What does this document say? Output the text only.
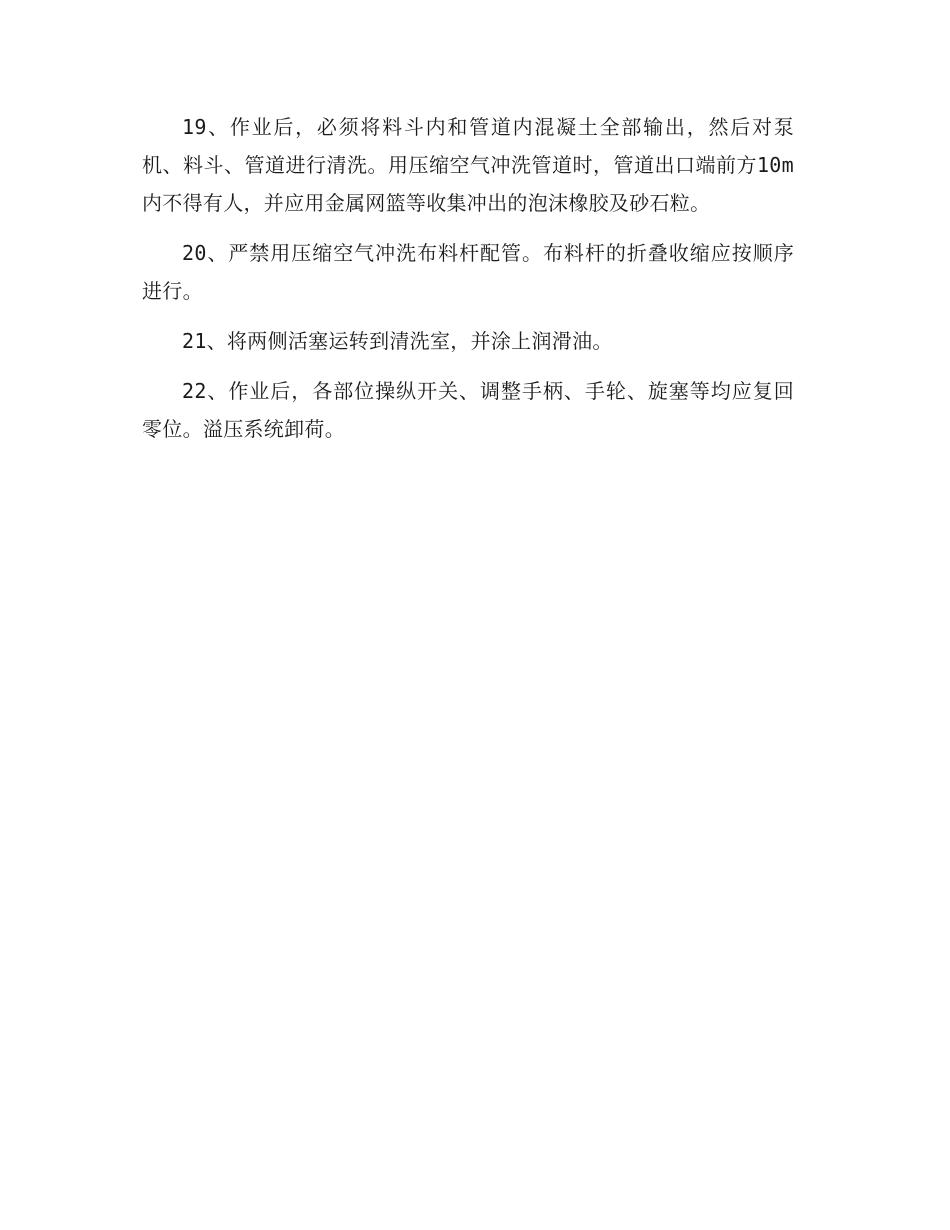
19、作业后，必须将料斗内和管道内混凝土全部输出，然后对泵机、料斗、管道进行清洗。用压缩空气冲洗管道时，管道出口端前方10m内不得有人，并应用金属网篮等收集冲出的泡沫橡胶及砂石粒。

20、严禁用压缩空气冲洗布料杆配管。布料杆的折叠收缩应按顺序进行。

21、将两侧活塞运转到清洗室，并涂上润滑油。

22、作业后，各部位操纵开关、调整手柄、手轮、旋塞等均应复回零位。溢压系统卸荷。
